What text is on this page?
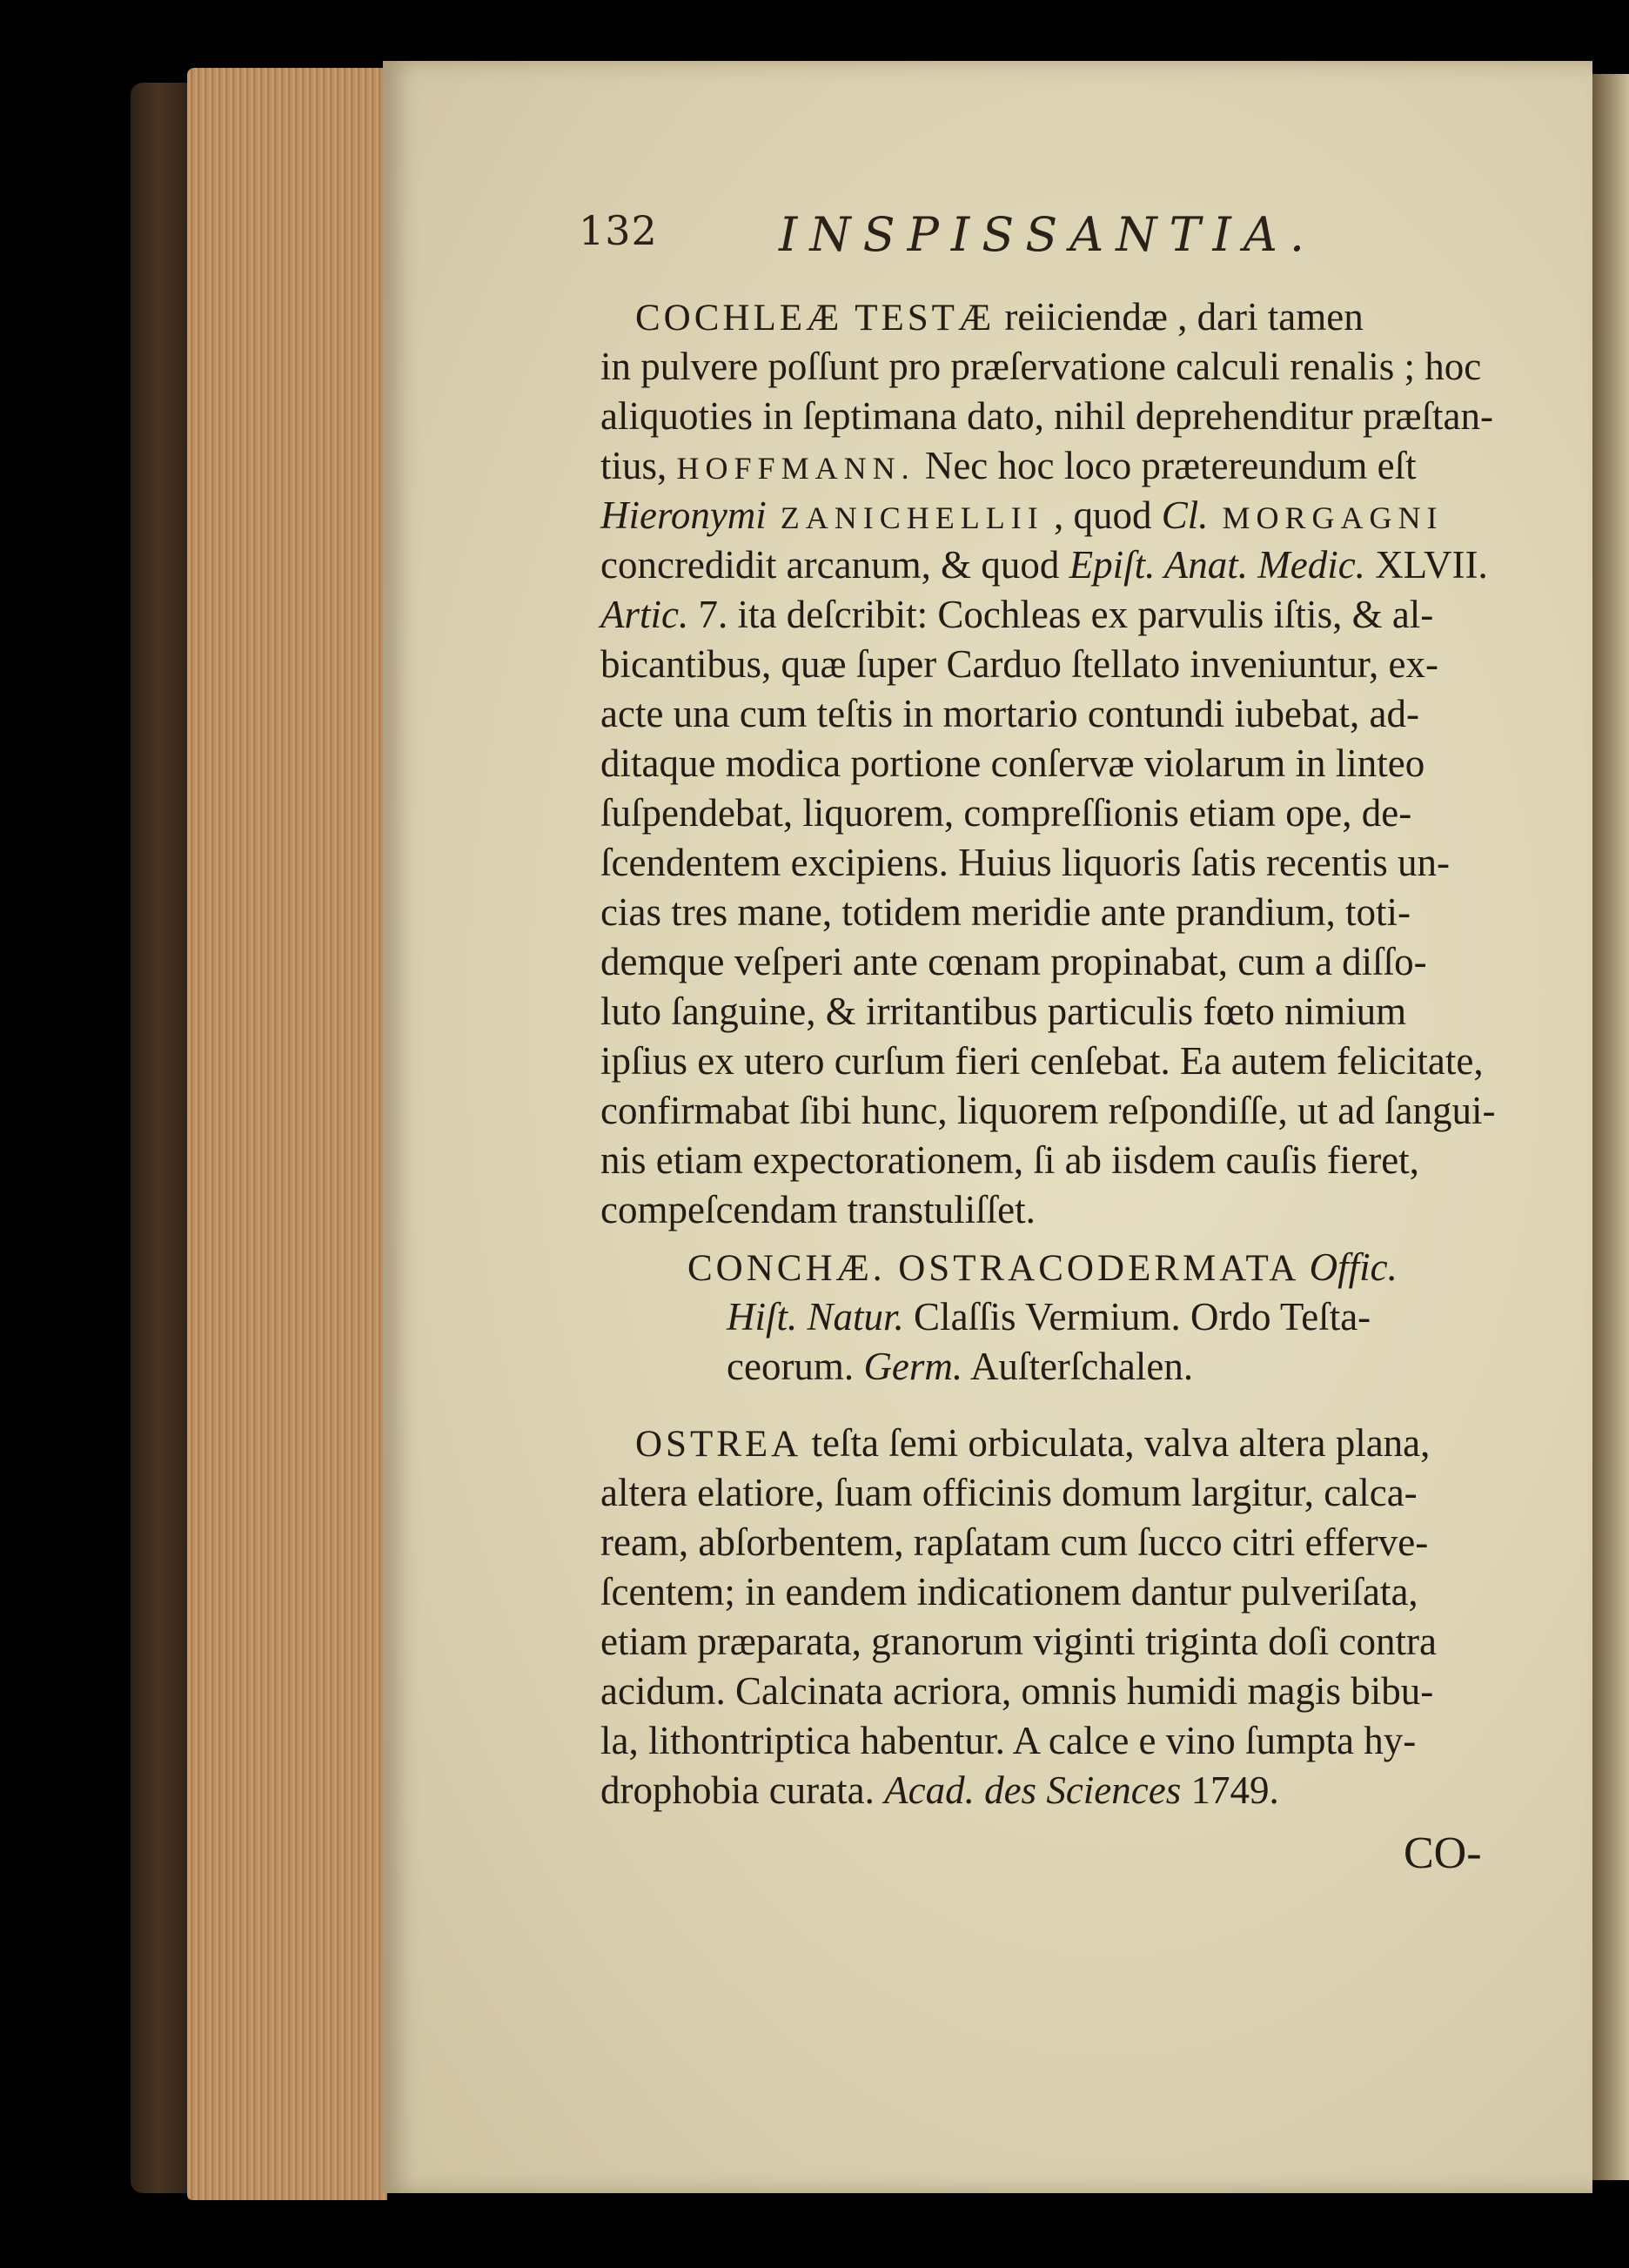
132	INSPISSANTIA.
COCHLEÆ TESTÆ reiiciendæ , dari tamen
in pulvere poſſunt pro præſervatione calculi renalis ; hoc
aliquoties in ſeptimana dato, nihil deprehenditur præſtan-
tius, HOFFMANN. Nec hoc loco prætereundum eſt
Hieronymi ZANICHELLII , quod Cl. MORGAGNI
concredidit arcanum, & quod Epiſt. Anat. Medic. XLVII.
Artic. 7. ita deſcribit: Cochleas ex parvulis iſtis, & al-
bicantibus, quæ ſuper Carduo ſtellato inveniuntur, ex-
acte una cum teſtis in mortario contundi iubebat, ad-
ditaque modica portione conſervæ violarum in linteo
ſuſpendebat, liquorem, compreſſionis etiam ope, de-
ſcendentem excipiens. Huius liquoris ſatis recentis un-
cias tres mane, totidem meridie ante prandium, toti-
demque veſperi ante cœnam propinabat, cum a diſſo-
luto ſanguine, & irritantibus particulis fœto nimium
ipſius ex utero curſum fieri cenſebat. Ea autem felicitate,
confirmabat ſibi hunc, liquorem reſpondiſſe, ut ad ſangui-
nis etiam expectorationem, ſi ab iisdem cauſis fieret,
compeſcendam transtuliſſet.
CONCHÆ. OSTRACODERMATA Offic.
Hiſt. Natur. Claſſis Vermium. Ordo Teſta-
ceorum. Germ. Auſterſchalen.
OSTREA teſta ſemi orbiculata, valva altera plana,
altera elatiore, ſuam officinis domum largitur, calca-
ream, abſorbentem, rapſatam cum ſucco citri efferve-
ſcentem; in eandem indicationem dantur pulveriſata,
etiam præparata, granorum viginti triginta doſi contra
acidum. Calcinata acriora, omnis humidi magis bibu-
la, lithontriptica habentur. A calce e vino ſumpta hy-
drophobia curata. Acad. des Sciences 1749.
CO-
